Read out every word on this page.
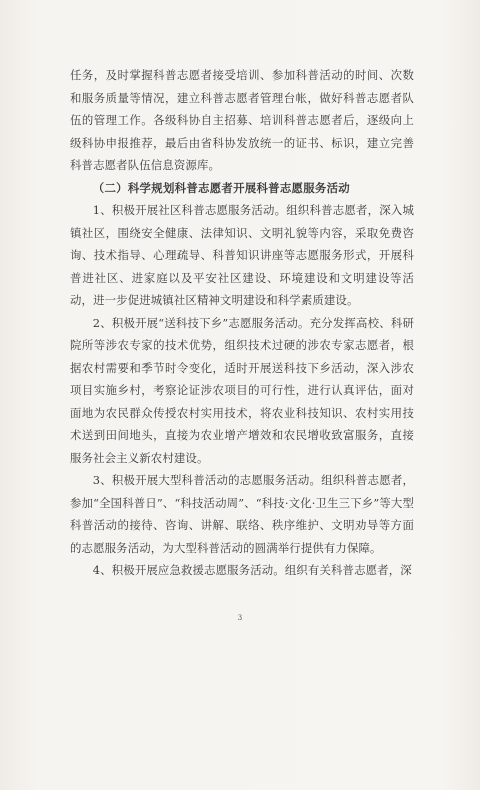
任务，及时掌握科普志愿者接受培训、参加科普活动的时间、次数和服务质量等情况，建立科普志愿者管理台帐，做好科普志愿者队伍的管理工作。各级科协自主招募、培训科普志愿者后，逐级向上级科协申报推荐，最后由省科协发放统一的证书、标识，建立完善科普志愿者队伍信息资源库。

（二）科学规划科普志愿者开展科普志愿服务活动

1、积极开展社区科普志愿服务活动。组织科普志愿者，深入城镇社区，围绕安全健康、法律知识、文明礼貌等内容，采取免费咨询、技术指导、心理疏导、科普知识讲座等志愿服务形式，开展科普进社区、进家庭以及平安社区建设、环境建设和文明建设等活动，进一步促进城镇社区精神文明建设和科学素质建设。

2、积极开展“送科技下乡”志愿服务活动。充分发挥高校、科研院所等涉农专家的技术优势，组织技术过硬的涉农专家志愿者，根据农村需要和季节时令变化，适时开展送科技下乡活动，深入涉农项目实施乡村，考察论证涉农项目的可行性，进行认真评估，面对面地为农民群众传授农村实用技术，将农业科技知识、农村实用技术送到田间地头，直接为农业增产增效和农民增收致富服务，直接服务社会主义新农村建设。

3、积极开展大型科普活动的志愿服务活动。组织科普志愿者，参加“全国科普日”、“科技活动周”、“科技·文化·卫生三下乡”等大型科普活动的接待、咨询、讲解、联络、秩序维护、文明劝导等方面的志愿服务活动，为大型科普活动的圆满举行提供有力保障。

4、积极开展应急救援志愿服务活动。组织有关科普志愿者，深

3
